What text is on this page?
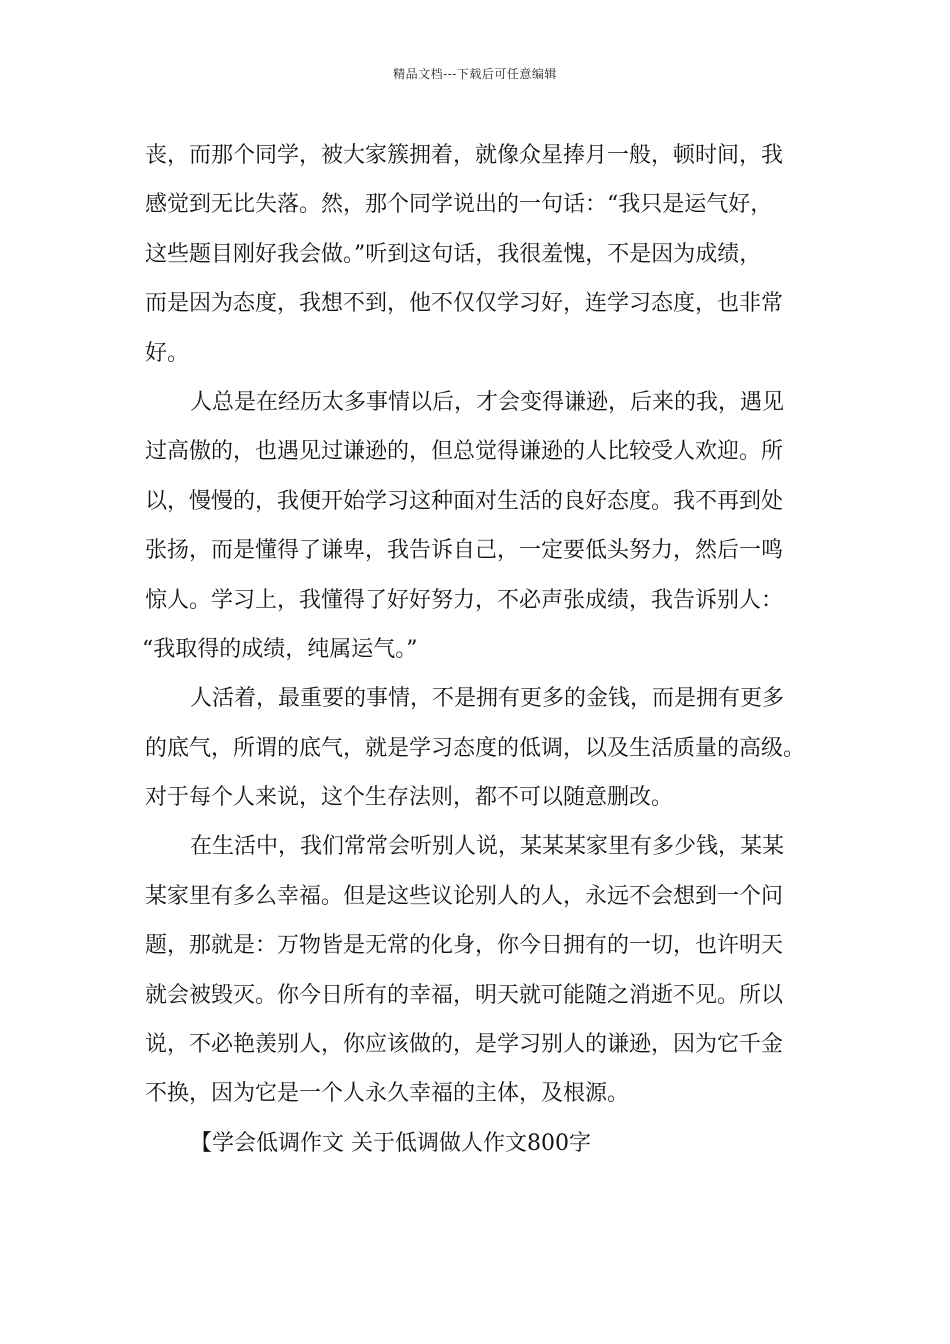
精品文档---下载后可任意编辑
丧，而那个同学，被大家簇拥着，就像众星捧月一般，顿时间，我
感觉到无比失落。然，那个同学说出的一句话：“我只是运气好，
这些题目刚好我会做。”听到这句话，我很羞愧，不是因为成绩，
而是因为态度，我想不到，他不仅仅学习好，连学习态度，也非常
好。
人总是在经历太多事情以后，才会变得谦逊，后来的我，遇见
过高傲的，也遇见过谦逊的，但总觉得谦逊的人比较受人欢迎。所
以，慢慢的，我便开始学习这种面对生活的良好态度。我不再到处
张扬，而是懂得了谦卑，我告诉自己，一定要低头努力，然后一鸣
惊人。学习上，我懂得了好好努力，不必声张成绩，我告诉别人：
“我取得的成绩，纯属运气。”
人活着，最重要的事情，不是拥有更多的金钱，而是拥有更多
的底气，所谓的底气，就是学习态度的低调，以及生活质量的高级。
对于每个人来说，这个生存法则，都不可以随意删改。
在生活中，我们常常会听别人说，某某某家里有多少钱，某某
某家里有多么幸福。但是这些议论别人的人，永远不会想到一个问
题，那就是：万物皆是无常的化身，你今日拥有的一切，也许明天
就会被毁灭。你今日所有的幸福，明天就可能随之消逝不见。所以
说，不必艳羡别人，你应该做的，是学习别人的谦逊，因为它千金
不换，因为它是一个人永久幸福的主体，及根源。
【学会低调作文 关于低调做人作文800字
